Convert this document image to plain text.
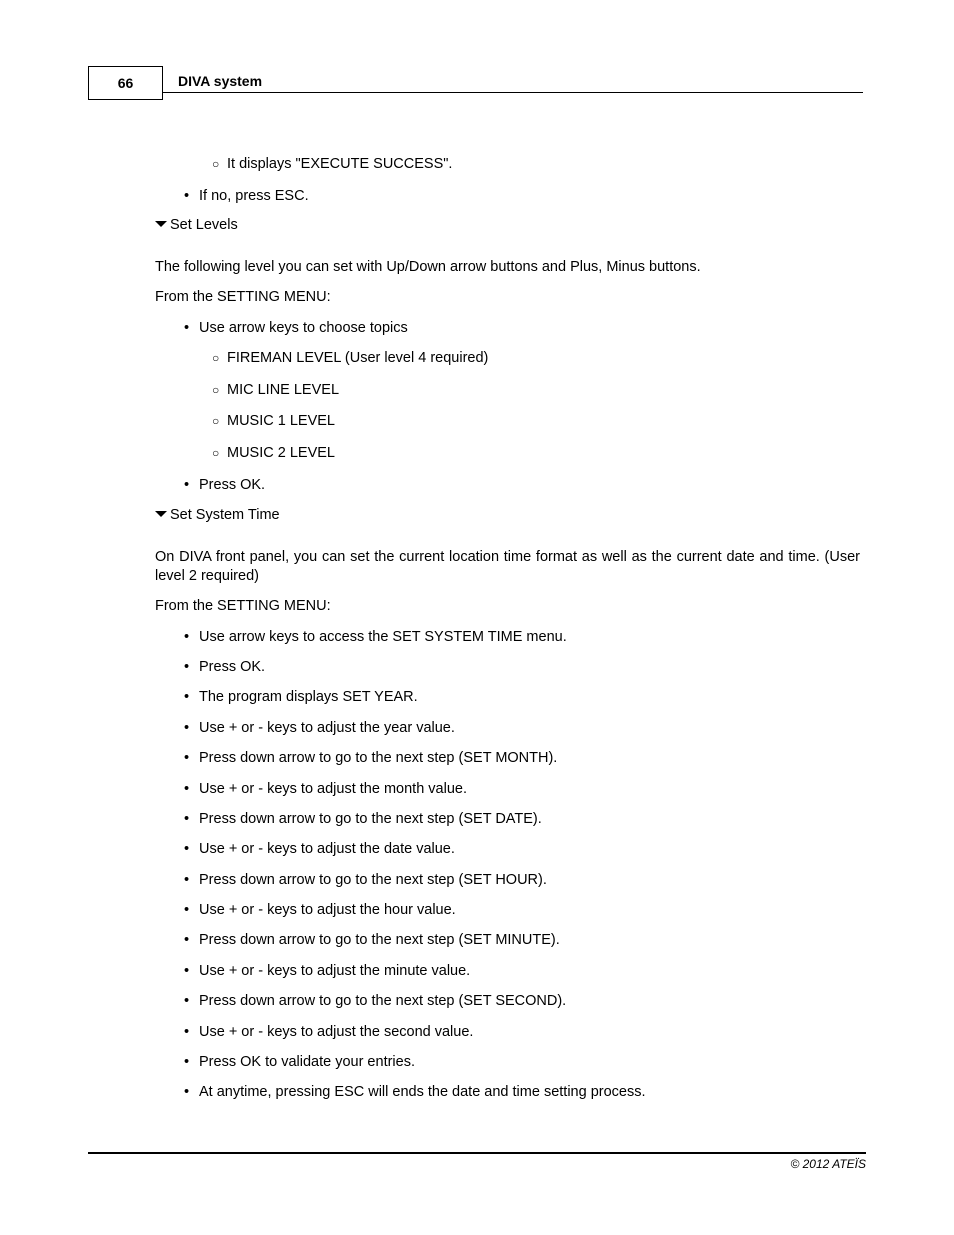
66	DIVA system
○ It displays "EXECUTE SUCCESS".
• If no, press ESC.
Set Levels
The following level you can set with Up/Down arrow buttons and Plus, Minus buttons.
From the SETTING MENU:
• Use arrow keys to choose topics
○ FIREMAN LEVEL (User level 4 required)
○ MIC LINE LEVEL
○ MUSIC 1 LEVEL
○ MUSIC 2 LEVEL
• Press OK.
Set System Time
On DIVA front panel, you can set the current location time format as well as the current date and time. (User level 2 required)
From the SETTING MENU:
• Use arrow keys to access the SET SYSTEM TIME menu.
• Press OK.
• The program displays SET YEAR.
• Use + or - keys to adjust the year value.
• Press down arrow to go to the next step (SET MONTH).
• Use + or - keys to adjust the month value.
• Press down arrow to go to the next step (SET DATE).
• Use + or - keys to adjust the date value.
• Press down arrow to go to the next step (SET HOUR).
• Use + or - keys to adjust the hour value.
• Press down arrow to go to the next step (SET MINUTE).
• Use + or - keys to adjust the minute value.
• Press down arrow to go to the next step (SET SECOND).
• Use + or - keys to adjust the second value.
• Press OK to validate your entries.
• At anytime, pressing ESC will ends the date and time setting process.
© 2012 ATEÏS
